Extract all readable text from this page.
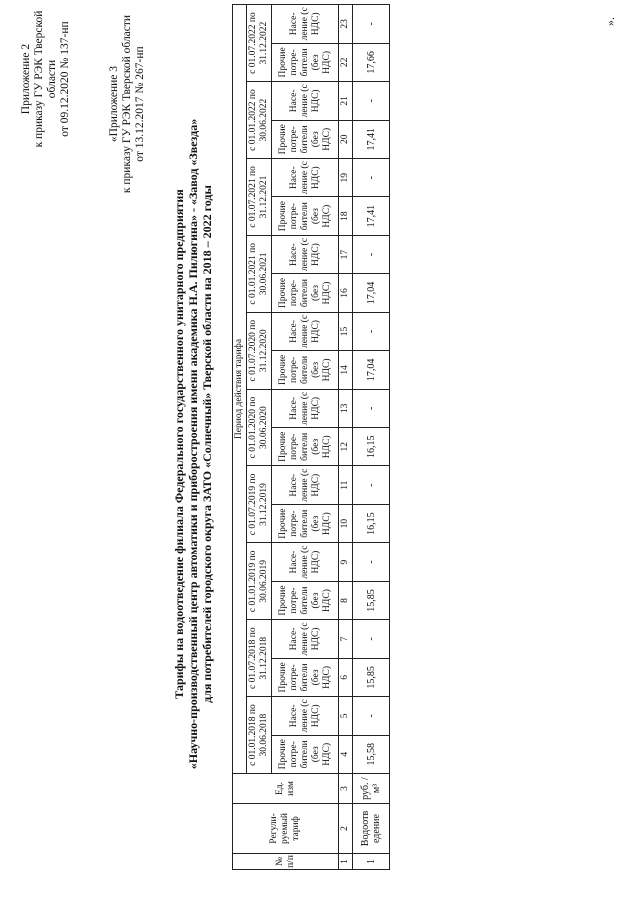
Приложение 2 к приказу ГУ РЭК Тверской области от 09.12.2020 № 137-нп	«Приложение 3 к приказу ГУ РЭК Тверской области от 13.12.2017 № 267-нп
Тарифы на водоотведение филиала Федерального государственного унитарного предприятия «Научно-производственный центр автоматики и приборостроения имени академика Н.А. Пилюгина» - «Завод «Звезда» для потребителей городского округа ЗАТО «Солнечный» Тверской области на 2018 – 2022 годы
№ п/п	Регули-руемый тариф	Ед. изм	Период действия тарифа																			
			с 01.01.2018 по 30.06.2018		с 01.07.2018 по 31.12.2018		с 01.01.2019 по 30.06.2019		с 01.07.2019 по 31.12.2019		с 01.01.2020 по 30.06.2020		с 01.07.2020 по 31.12.2020		с 01.01.2021 по 30.06.2021		с 01.07.2021 по 31.12.2021		с 01.01.2022 по 30.06.2022		с 01.07.2022 по 31.12.2022	
			Прочие потре-бители (без НДС)	Насе-ление (с НДС)	Прочие потре-бители (без НДС)	Насе-ление (с НДС)	Прочие потре-бители (без НДС)	Насе-ление (с НДС)	Прочие потре-бители (без НДС)	Насе-ление (с НДС)	Прочие потре-бители (без НДС)	Насе-ление (с НДС)	Прочие потре-бители (без НДС)	Насе-ление (с НДС)	Прочие потре-бители (без НДС)	Насе-ление (с НДС)	Прочие потре-бители (без НДС)	Насе-ление (с НДС)	Прочие потре-бители (без НДС)	Насе-ление (с НДС)	Прочие потре-бители (без НДС)	Насе-ление (с НДС)
1	2	3	4	5	6	7	8	9	10	11	12	13	14	15	16	17	18	19	20	21	22	23
1	Водоотв едение	руб. /м³	15,58	-	15,85	-	15,85	-	16,15	-	16,15	-	17,04	-	17,04	-	17,41	-	17,41	-	17,66	-	».
